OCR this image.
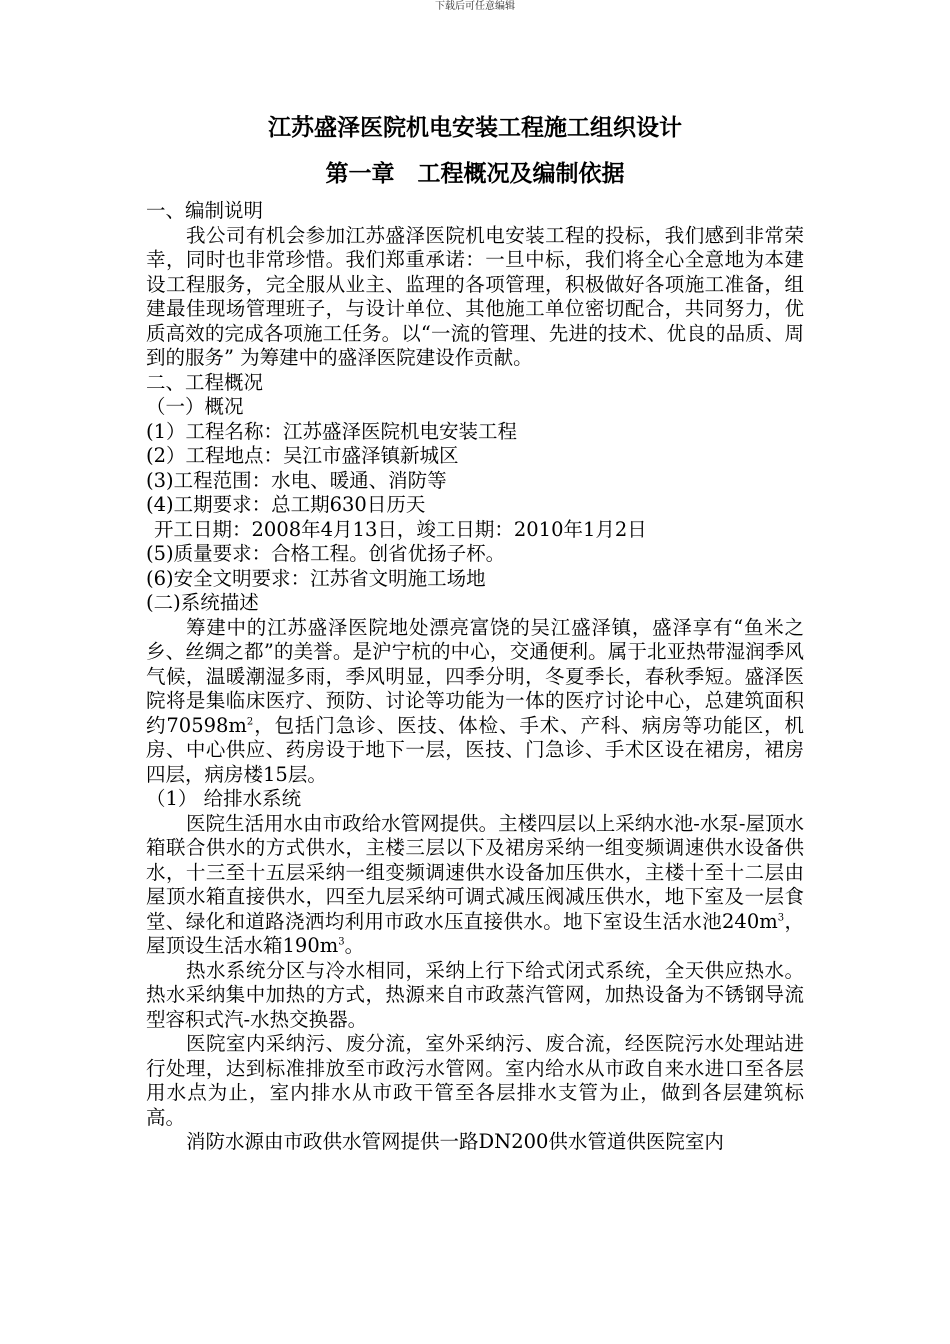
下载后可任意编辑
江苏盛泽医院机电安装工程施工组织设计
第一章　工程概况及编制依据

一、编制说明

我公司有机会参加江苏盛泽医院机电安装工程的投标，我们感到非常荣幸，同时也非常珍惜。我们郑重承诺：一旦中标，我们将全心全意地为本建设工程服务，完全服从业主、监理的各项管理，积极做好各项施工准备，组建最佳现场管理班子，与设计单位、其他施工单位密切配合，共同努力，优质高效的完成各项施工任务。以“一流的管理、先进的技术、优良的品质、周到的服务” 为筹建中的盛泽医院建设作贡献。

二、工程概况

（一）概况

(1）工程名称：江苏盛泽医院机电安装工程

(2）工程地点：吴江市盛泽镇新城区

(3)工程范围：水电、暖通、消防等

(4)工期要求：总工期630日历天

开工日期：2008年4月13日，竣工日期：2010年1月2日

(5)质量要求：合格工程。创省优扬子杯。

(6)安全文明要求：江苏省文明施工场地

(二)系统描述

筹建中的江苏盛泽医院地处漂亮富饶的吴江盛泽镇，盛泽享有“鱼米之乡、丝绸之都”的美誉。是沪宁杭的中心，交通便利。属于北亚热带湿润季风气候，温暖潮湿多雨，季风明显，四季分明，冬夏季长，春秋季短。盛泽医院将是集临床医疗、预防、讨论等功能为一体的医疗讨论中心，总建筑面积约$70598m^2$，包括门急诊、医技、体检、手术、产科、病房等功能区，机房、中心供应、药房设于地下一层，医技、门急诊、手术区设在裙房，裙房四层，病房楼15层。

（1） 给排水系统

医院生活用水由市政给水管网提供。主楼四层以上采纳水池-水泵-屋顶水箱联合供水的方式供水，主楼三层以下及裙房采纳一组变频调速供水设备供水，十三至十五层采纳一组变频调速供水设备加压供水，主楼十至十二层由屋顶水箱直接供水，四至九层采纳可调式减压阀减压供水，地下室及一层食堂、绿化和道路浇洒均利用市政水压直接供水。地下室设生活水池$240m^3$，屋顶设生活水箱$190m^3$。

热水系统分区与冷水相同，采纳上行下给式闭式系统，全天供应热水。热水采纳集中加热的方式，热源来自市政蒸汽管网，加热设备为不锈钢导流型容积式汽-水热交换器。

医院室内采纳污、废分流，室外采纳污、废合流，经医院污水处理站进行处理，达到标准排放至市政污水管网。室内给水从市政自来水进口至各层用水点为止，室内排水从市政干管至各层排水支管为止，做到各层建筑标高。

消防水源由市政供水管网提供一路DN200供水管道供医院室内
